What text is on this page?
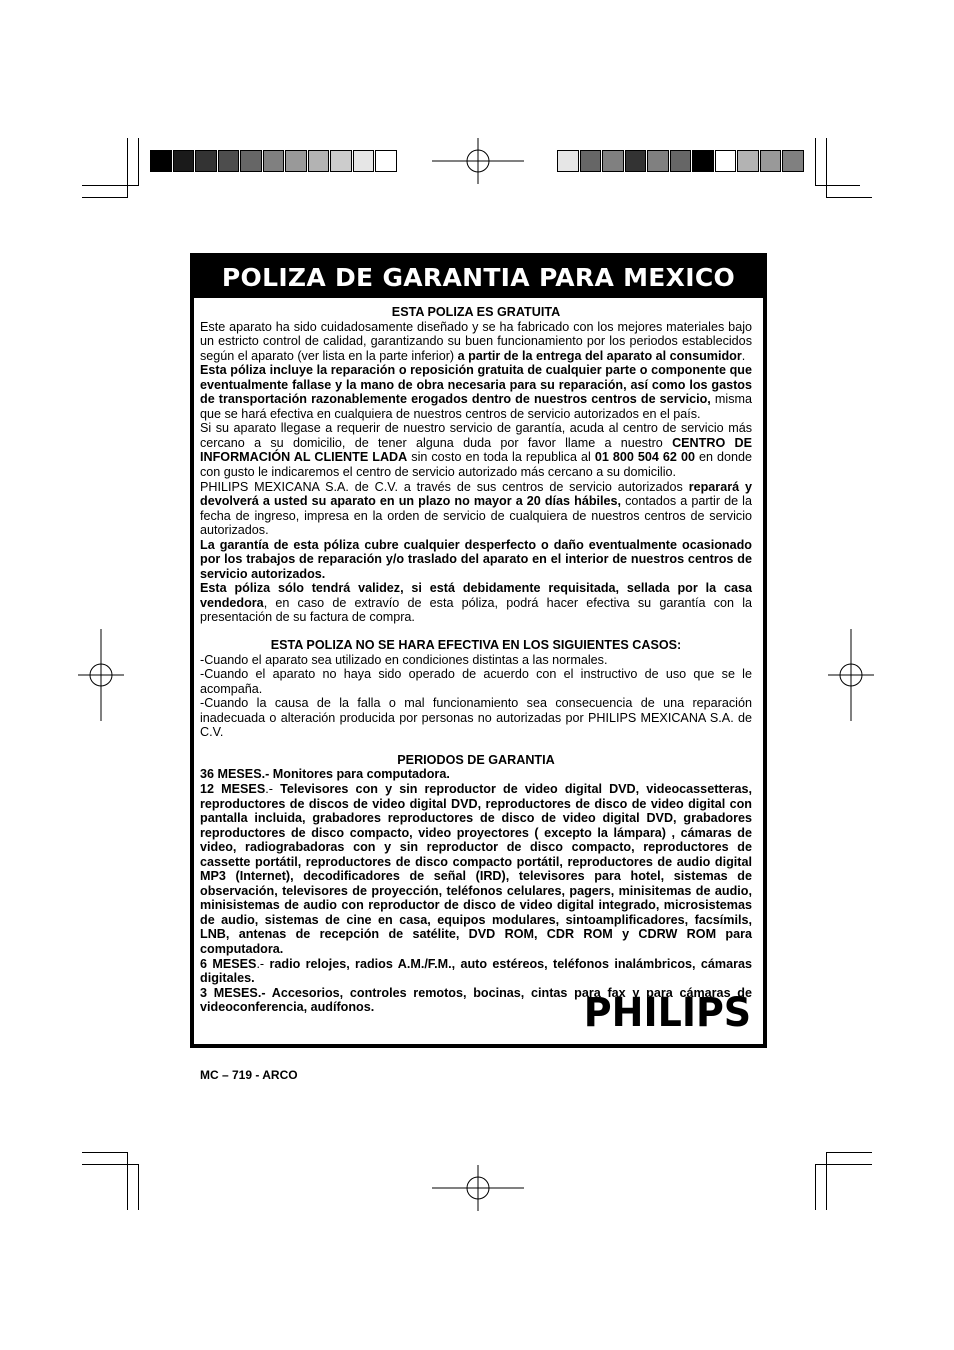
POLIZA DE GARANTIA PARA MEXICO

ESTA POLIZA ES GRATUITA

Este aparato ha sido cuidadosamente diseñado y se ha fabricado con los mejores materiales bajo un estricto control de calidad, garantizando su buen funcionamiento por los periodos establecidos según el aparato (ver lista en la parte inferior) a partir de la entrega del aparato al consumidor.

Esta póliza incluye la reparación o reposición gratuita de cualquier parte o componente que eventualmente fallase y la mano de obra necesaria para su reparación, así como los gastos de transportación razonablemente erogados dentro de nuestros centros de servicio, misma que se hará efectiva en cualquiera de nuestros centros de servicio autorizados en el país.

Si su aparato llegase a requerir de nuestro servicio de garantía, acuda al centro de servicio más cercano a su domicilio, de tener alguna duda por favor llame a nuestro CENTRO DE INFORMACIÓN AL CLIENTE LADA sin costo en toda la republica al 01 800 504 62 00 en donde con gusto le indicaremos el centro de servicio autorizado más cercano a su domicilio.

PHILIPS MEXICANA S.A. de C.V. a través de sus centros de servicio autorizados reparará y devolverá a usted su aparato en un plazo no mayor a 20 días hábiles, contados a partir de la fecha de ingreso, impresa en la orden de servicio de cualquiera de nuestros centros de servicio autorizados.

La garantía de esta póliza cubre cualquier desperfecto o daño eventualmente ocasionado por los trabajos de reparación y/o traslado del aparato en el interior de nuestros centros de servicio autorizados.

Esta póliza sólo tendrá validez, si está debidamente requisitada, sellada por la casa vendedora, en caso de extravío de esta póliza, podrá hacer efectiva su garantía con la presentación de su factura de compra.

ESTA POLIZA NO SE HARA EFECTIVA EN LOS SIGUIENTES CASOS:

-Cuando el aparato sea utilizado en condiciones distintas a las normales.

-Cuando el aparato no haya sido operado de acuerdo con el instructivo de uso que se le acompaña.

-Cuando la causa de la falla o mal funcionamiento sea consecuencia de una reparación inadecuada o alteración producida por personas no autorizadas por PHILIPS MEXICANA S.A. de C.V.

PERIODOS DE GARANTIA

36 MESES.- Monitores para computadora.

12 MESES.- Televisores con y sin reproductor de video digital DVD, videocassetteras, reproductores de discos de video digital DVD, reproductores de disco de video digital con pantalla incluida, grabadores reproductores de disco de video digital DVD, grabadores reproductores de disco compacto, video proyectores ( excepto la lámpara) , cámaras de video, radiograbadoras con y sin reproductor de disco compacto, reproductores de cassette portátil, reproductores de disco compacto portátil, reproductores de audio digital MP3 (Internet), decodificadores de señal (IRD), televisores para hotel, sistemas de observación, televisores de proyección, teléfonos celulares, pagers, minisitemas de audio, minisistemas de audio con reproductor de disco de video digital integrado, microsistemas de audio, sistemas de cine en casa, equipos modulares, sintoamplificadores, facsímils, LNB, antenas de recepción de satélite, DVD ROM, CDR ROM y CDRW ROM para computadora.

6 MESES.- radio relojes, radios A.M./F.M., auto estéreos, teléfonos inalámbricos, cámaras digitales.

3 MESES.- Accesorios, controles remotos, bocinas, cintas para fax y para cámaras de videoconferencia, audífonos.	PHILIPS
MC – 719 - ARCO
